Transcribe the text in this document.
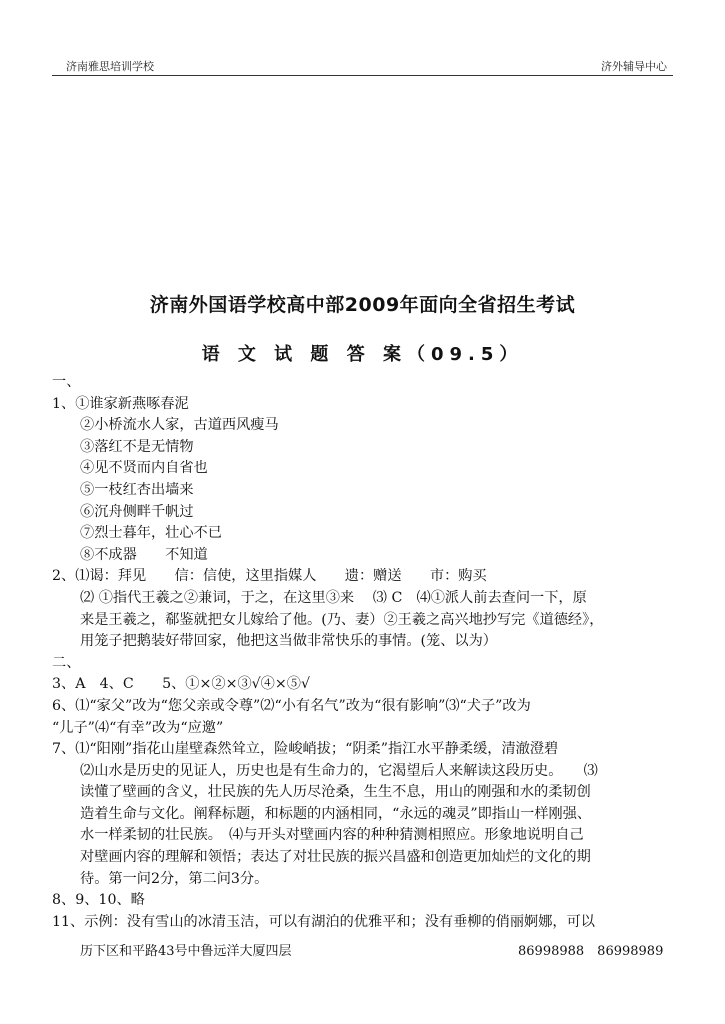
济南雅思培训学校	济外辅导中心
济南外国语学校高中部2009年面向全省招生考试
语 文 试 题 答 案（09.5）
一、
1、①谁家新燕啄春泥
②小桥流水人家，古道西风瘦马
③落红不是无情物
④见不贤而内自省也
⑤一枝红杏出墙来
⑥沉舟侧畔千帆过
⑦烈士暮年，壮心不已
⑧不成器　　不知道
2、⑴谒：拜见　　信：信使，这里指媒人　　遗：赠送　　市：购买
⑵ ①指代王羲之②兼词，于之，在这里③来　 ⑶ C　⑷①派人前去查问一下，原
来是王羲之，郗鉴就把女儿嫁给了他。(乃、妻）②王羲之高兴地抄写完《道德经》，
用笼子把鹅装好带回家，他把这当做非常快乐的事情。(笼、以为）
二、
3、A　4、C　　5、①×②×③√④×⑤√
6、⑴“家父”改为“您父亲或令尊”⑵“小有名气”改为“很有影响”⑶“犬子”改为
“儿子”⑷“有幸”改为“应邀”
7、⑴“阳刚”指花山崖壁森然耸立，险峻峭拔；“阴柔”指江水平静柔缓，清澈澄碧
⑵山水是历史的见证人，历史也是有生命力的，它渴望后人来解读这段历史。　　⑶
读懂了壁画的含义，壮民族的先人历尽沧桑，生生不息，用山的刚强和水的柔韧创
造着生命与文化。阐释标题，和标题的内涵相同，“永远的魂灵”即指山一样刚强、
水一样柔韧的壮民族。　⑷与开头对壁画内容的种种猜测相照应。形象地说明自己
对壁画内容的理解和领悟；表达了对壮民族的振兴昌盛和创造更加灿烂的文化的期
待。第一问2分，第二问3分。
8、9、10、略
11、示例：没有雪山的冰清玉洁，可以有湖泊的优雅平和；没有垂柳的俏丽婀娜，可以
历下区和平路43号中鲁远洋大厦四层	86998988　86998989
